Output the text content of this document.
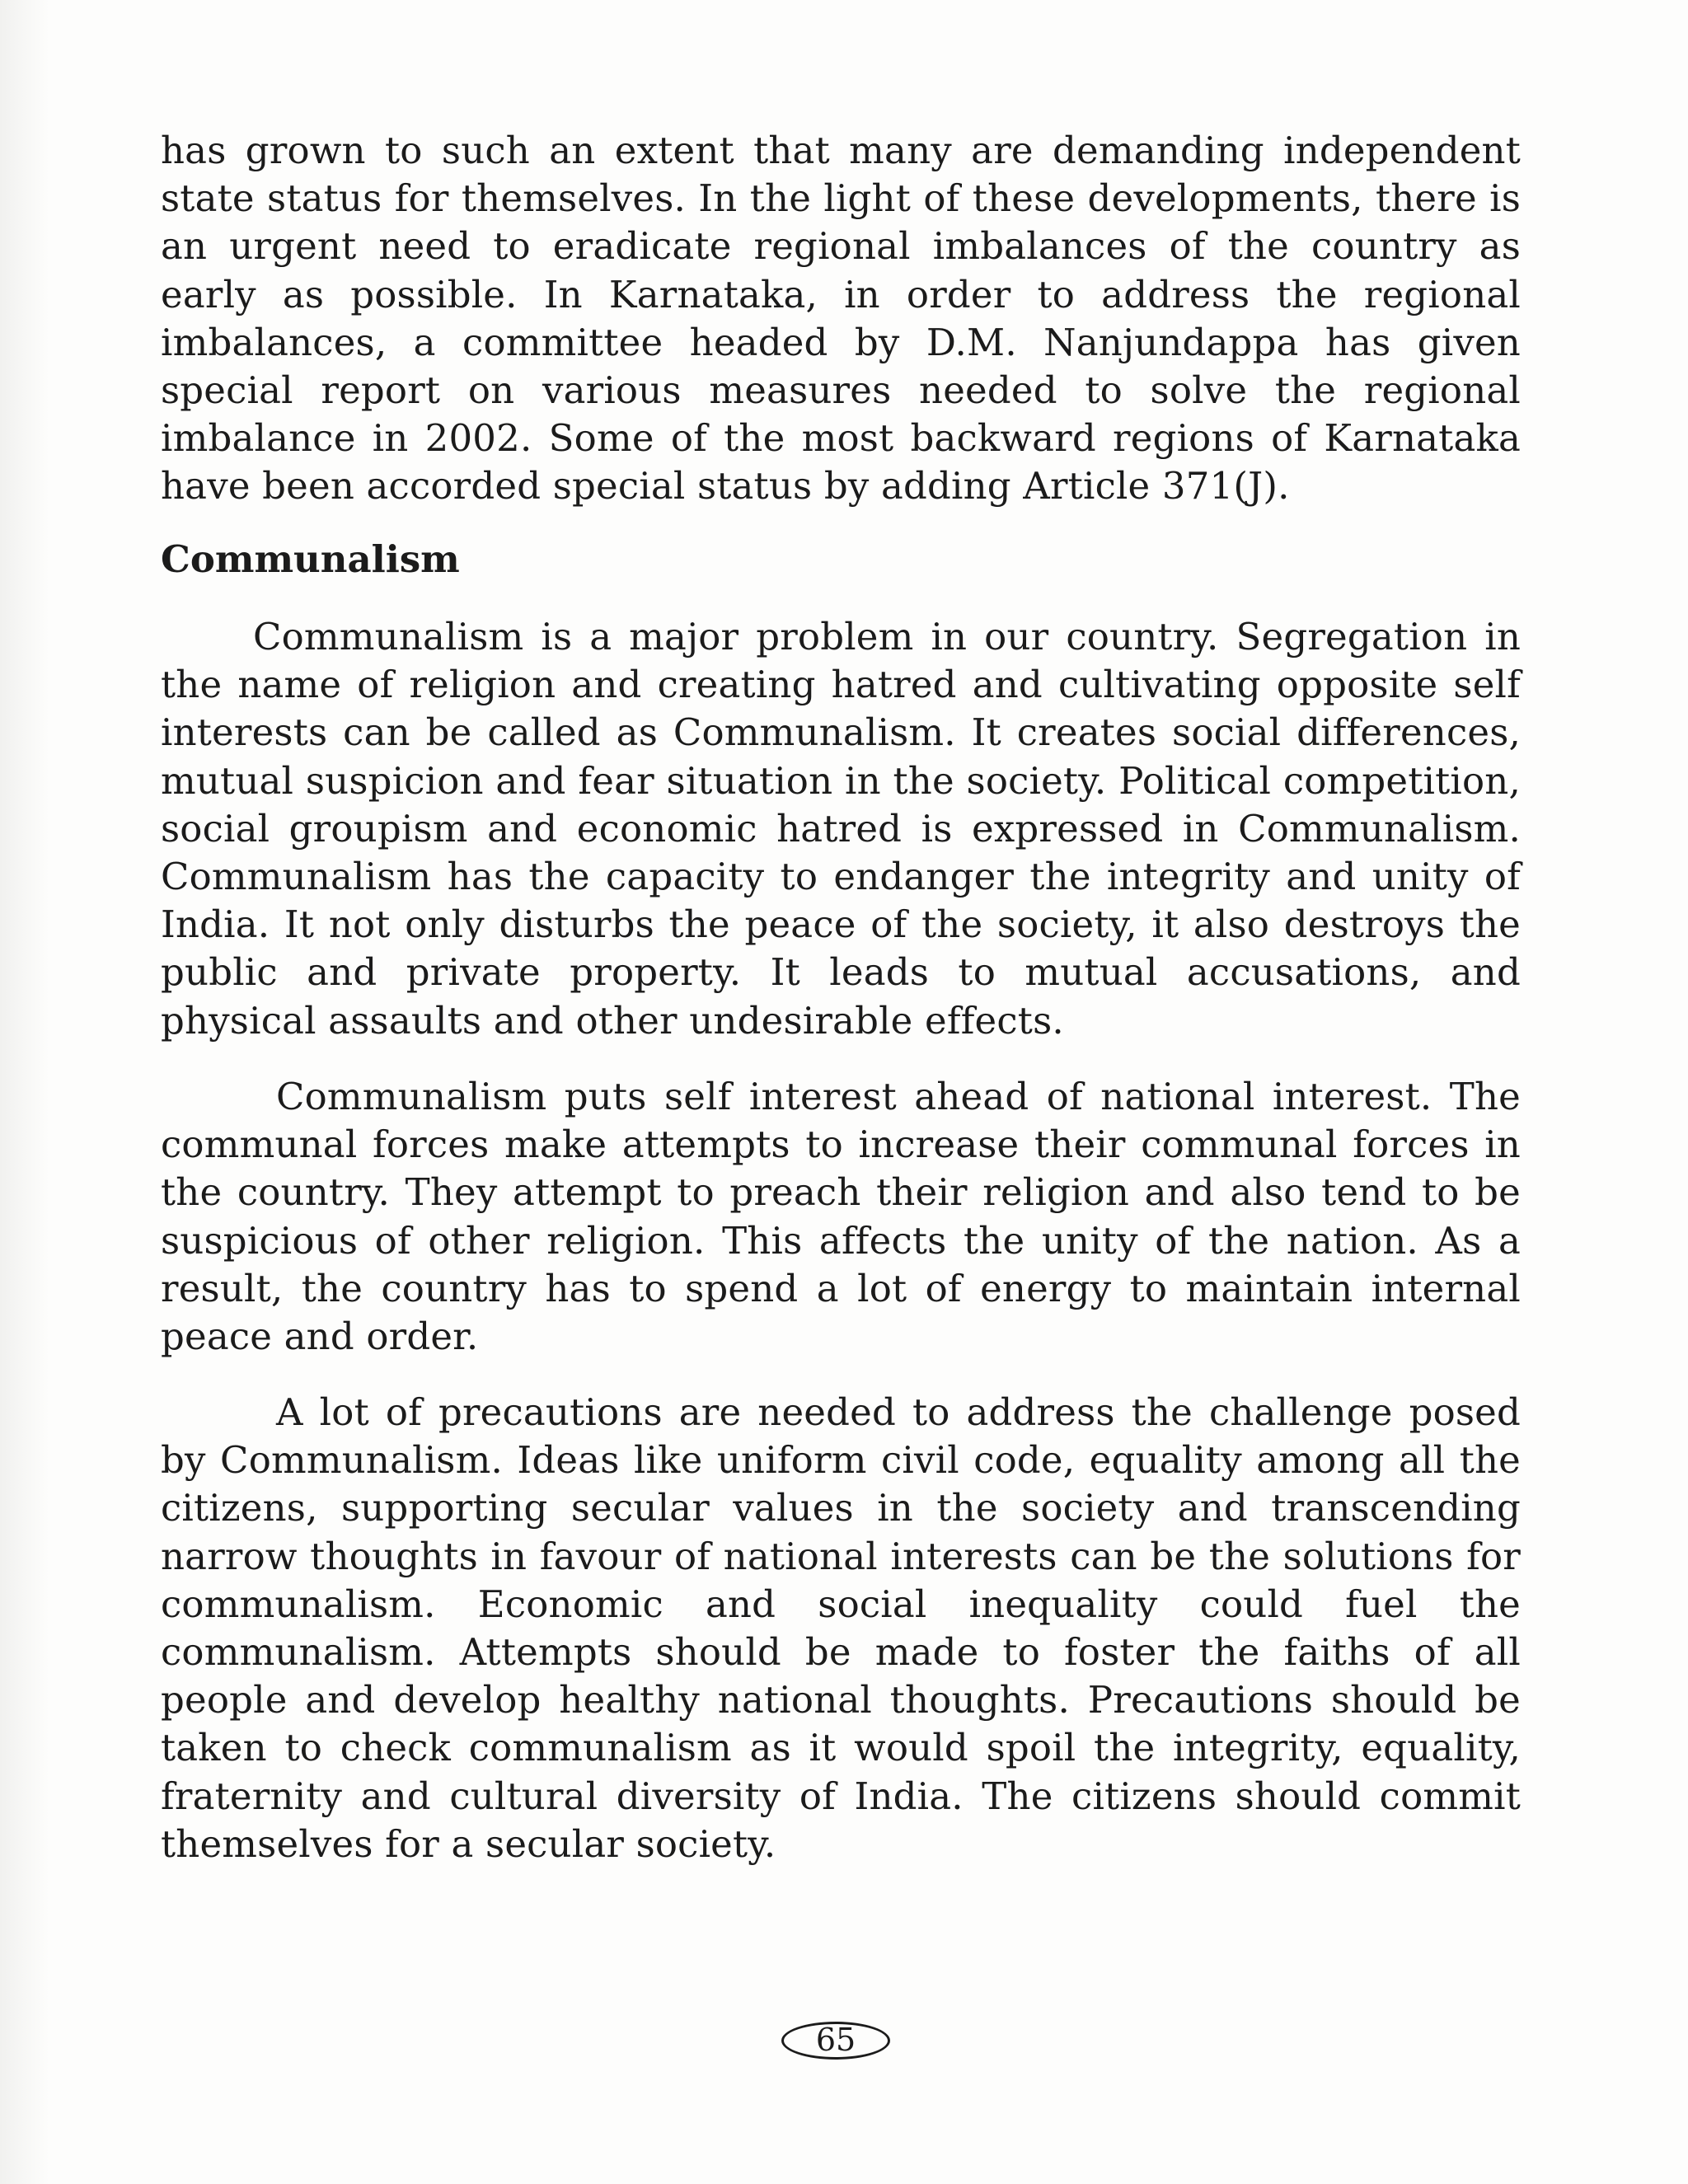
has grown to such an extent that many are demanding independent state status for themselves. In the light of these developments, there is an urgent need to eradicate regional imbalances of the country as early as possible. In Karnataka, in order to address the regional imbalances, a committee headed by D.M. Nanjundappa has given special report on various measures needed to solve the regional imbalance in 2002. Some of the most backward regions of Karnataka have been accorded special status by adding Article 371(J).

Communalism

Communalism is a major problem in our country. Segregation in the name of religion and creating hatred and cultivating opposite self interests can be called as Communalism. It creates social differences, mutual suspicion and fear situation in the society. Political competition, social groupism and economic hatred is expressed in Communalism. Communalism has the capacity to endanger the integrity and unity of India. It not only disturbs the peace of the society, it also destroys the public and private property. It leads to mutual accusations, and physical assaults and other undesirable effects.

Communalism puts self interest ahead of national interest. The communal forces make attempts to increase their communal forces in the country. They attempt to preach their religion and also tend to be suspicious of other religion. This affects the unity of the nation. As a result, the country has to spend a lot of energy to maintain internal peace and order.

A lot of precautions are needed to address the challenge posed by Communalism. Ideas like uniform civil code, equality among all the citizens, supporting secular values in the society and transcending narrow thoughts in favour of national interests can be the solutions for communalism. Economic and social inequality could fuel the communalism. Attempts should be made to foster the faiths of all people and develop healthy national thoughts. Precautions should be taken to check communalism as it would spoil the integrity, equality, fraternity and cultural diversity of India. The citizens should commit themselves for a secular society.

65
